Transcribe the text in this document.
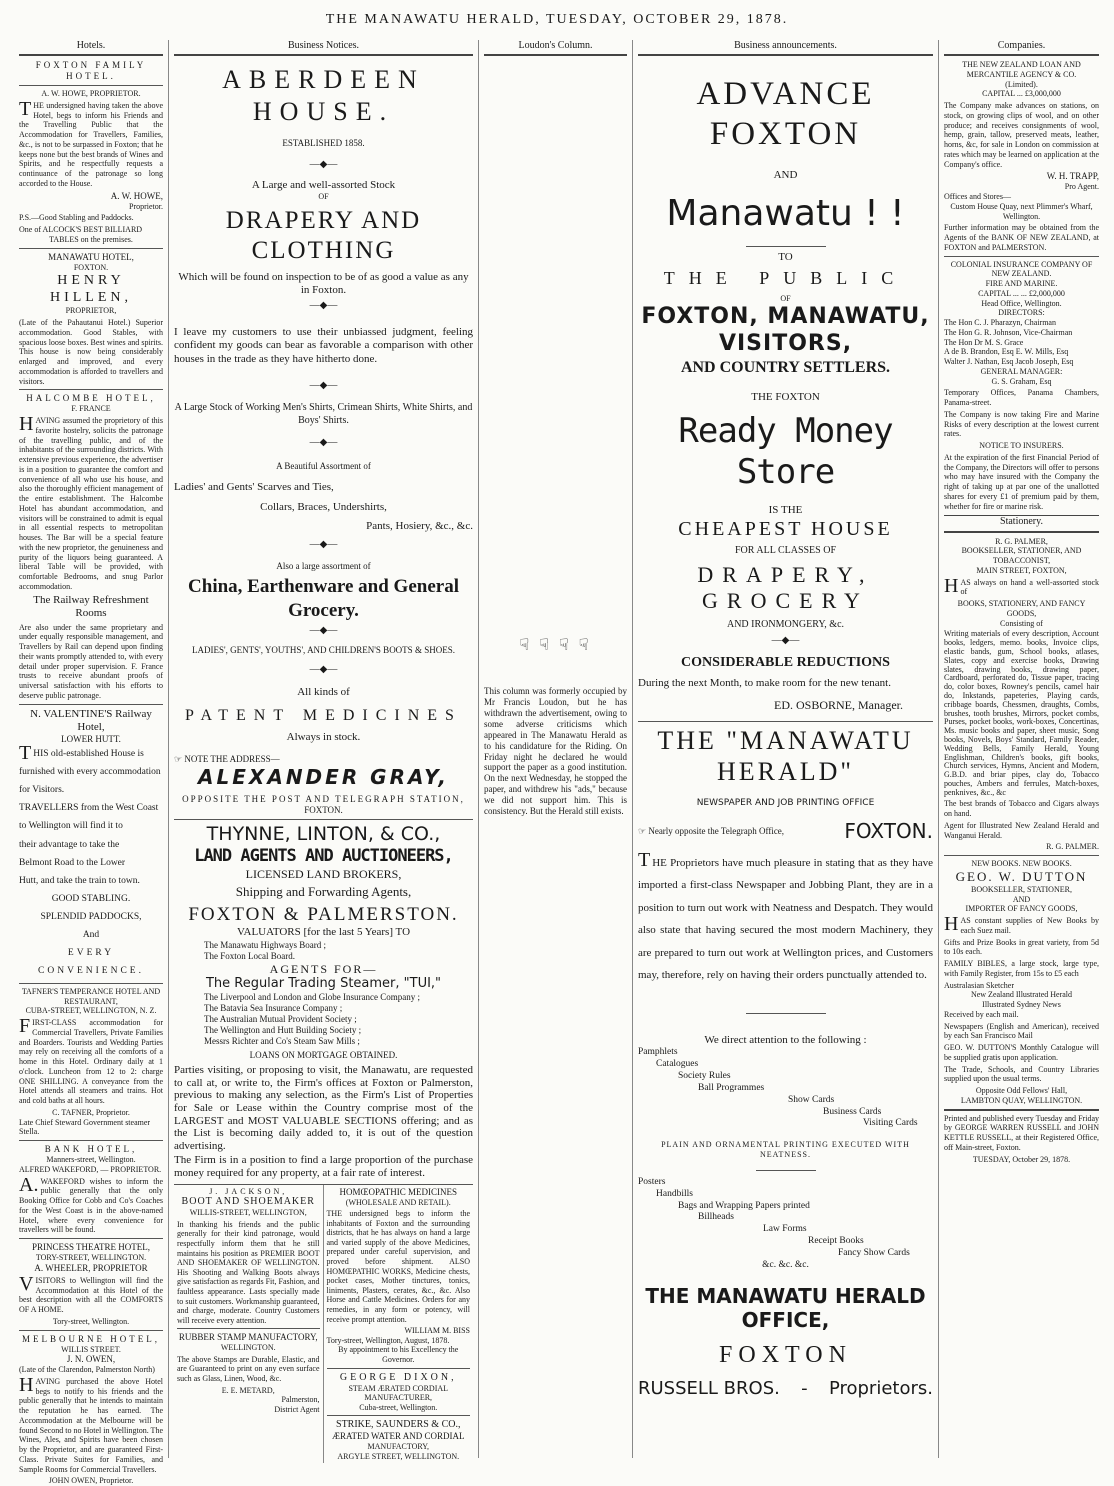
THE MANAWATU HERALD, TUESDAY, OCTOBER 29, 1878.
Hotels.
FOXTON FAMILY HOTEL.
A. W. HOWE, PROPRIETOR.

THE undersigned having taken the above Hotel, begs to inform his Friends and the Travelling Public that the Accommodation for Travellers, Families, &c., is not to be surpassed in Foxton; that he keeps none but the best brands of Wines and Spirits, and he respectfully requests a continuance of the patronage so long accorded to the House.

A. W. HOWE,
Proprietor.

P.S.—Good Stabling and Paddocks.

One of ALCOCK'S BEST BILLIARD
TABLES on the premises.
MANAWATU HOTEL,
FOXTON.
HENRY HILLEN,
PROPRIETOR,

(Late of the Pahautanui Hotel.) Superior accommodation. Good Stables, with spacious loose boxes. Best wines and spirits. This house is now being considerably enlarged and improved, and every accommodation is afforded to travellers and visitors.

HALCOMBE HOTEL,
F. FRANCE

HAVING assumed the proprietory of this favorite hostelry, solicits the patronage of the travelling public, and of the inhabitants of the surrounding districts. With extensive previous experience, the advertiser is in a position to guarantee the comfort and convenience of all who use his house, and also the thoroughly efficient management of the entire establishment. The Halcombe Hotel has abundant accommodation, and visitors will be constrained to admit is equal in all essential respects to metropolitan houses. The Bar will be a special feature with the new proprietor, the genuineness and purity of the liquors being guaranteed. A liberal Table will be provided, with comfortable Bedrooms, and snug Parlor accommodation.

The Railway Refreshment Rooms

Are also under the same proprietary and under equally responsible management, and Travellers by Rail can depend upon finding their wants promptly attended to, with every detail under proper supervision. F. France trusts to receive abundant proofs of universal satisfaction with his efforts to deserve public patronage.

N. VALENTINE'S Railway Hotel,
LOWER HUTT.
THIS old-established House is
furnished with every accommodation
for Visitors.
TRAVELLERS from the West Coast
to Wellington will find it to
their advantage to take the
Belmont Road to the Lower
Hutt, and take the train to town.
GOOD STABLING.
SPLENDID PADDOCKS,
And
EVERY CONVENIENCE.
TAFNER'S TEMPERANCE HOTEL AND RESTAURANT,
CUBA-STREET, WELLINGTON, N. Z.

FIRST-CLASS accommodation for Commercial Travellers, Private Families and Boarders. Tourists and Wedding Parties may rely on receiving all the comforts of a home in this Hotel. Ordinary daily at 1 o'clock. Luncheon from 12 to 2: charge ONE SHILLING. A conveyance from the Hotel attends all steamers and trains. Hot and cold baths at all hours.

C. TAFNER, Proprietor.
Late Chief Steward Government steamer Stella.
BANK HOTEL,
Manners-street, Wellington.
ALFRED WAKEFORD, — PROPRIETOR.

A.WAKEFORD wishes to inform the public generally that the only Booking Office for Cobb and Co's Coaches for the West Coast is in the above-named Hotel, where every convenience for travellers will be found.

PRINCESS THEATRE HOTEL,
TORY-STREET, WELLINGTON.
A. WHEELER, PROPRIETOR

VISITORS to Wellington will find the Accommodation at this Hotel of the best description with all the COMFORTS OF A HOME.

Tory-street, Wellington.
MELBOURNE HOTEL,
WILLIS STREET.
J. N. OWEN,
(Late of the Clarendon, Palmerston North)

HAVING purchased the above Hotel begs to notify to his friends and the public generally that he intends to maintain the reputation he has earned. The Accommodation at the Melbourne will be found Second to no Hotel in Wellington. The Wines, Ales, and Spirits have been chosen by the Proprietor, and are guaranteed First-Class. Private Suites for Families, and Sample Rooms for Commercial Travellers.

JOHN OWEN, Proprietor.
Business Notices.
ABERDEEN HOUSE.
ESTABLISHED 1858.
—◆—
A Large and well-assorted Stock
OF
DRAPERY AND CLOTHING
Which will be found on inspection to be of as good a value as any in Foxton.
—◆—

I leave my customers to use their unbiassed judgment, feeling confident my goods can bear as favorable a comparison with other houses in the trade as they have hitherto done.

—◆—
A Large Stock of Working Men's Shirts, Crimean Shirts, White Shirts, and Boys' Shirts.
—◆—
A Beautiful Assortment of
Ladies' and Gents' Scarves and Ties,
Collars, Braces, Undershirts,
Pants, Hosiery, &c., &c.
—◆—
Also a large assortment of
China, Earthenware and General Grocery.
—◆—
LADIES', GENTS', YOUTHS', AND CHILDREN'S BOOTS & SHOES.
—◆—
All kinds of
PATENT MEDICINES
Always in stock.
☞ NOTE THE ADDRESS—
ALEXANDER GRAY,
OPPOSITE THE POST AND TELEGRAPH STATION,
FOXTON.
THYNNE, LINTON, & CO.,
LAND AGENTS AND AUCTIONEERS,
LICENSED LAND BROKERS,
Shipping and Forwarding Agents,
FOXTON & PALMERSTON.
VALUATORS [for the last 5 Years] TO
The Manawatu Highways Board ;
The Foxton Local Board.
AGENTS FOR—
The Regular Trading Steamer, "TUI,"
The Liverpool and London and Globe Insurance Company ;
The Batavia Sea Insurance Company ;
The Australian Mutual Provident Society ;
The Wellington and Hutt Building Society ;
Messrs Richter and Co's Steam Saw Mills ;
LOANS ON MORTGAGE OBTAINED.

Parties visiting, or proposing to visit, the Manawatu, are requested to call at, or write to, the Firm's offices at Foxton or Palmerston, previous to making any selection, as the Firm's List of Properties for Sale or Lease within the Country comprise most of the LARGEST and MOST VALUABLE SECTIONS offering; and as the List is becoming daily added to, it is out of the question advertising.

The Firm is in a position to find a large proportion of the purchase money required for any property, at a fair rate of interest.

J. JACKSON,
BOOT AND SHOEMAKER
WILLIS-STREET, WELLINGTON,

In thanking his friends and the public generally for their kind patronage, would respectfully inform them that he still maintains his position as PREMIER BOOT AND SHOEMAKER OF WELLINGTON. His Shooting and Walking Boots always give satisfaction as regards Fit, Fashion, and faultless appearance. Lasts specially made to suit customers. Workmanship guaranteed, and charge, moderate. Country Customers will receive every attention.

RUBBER STAMP MANUFACTORY,
WELLINGTON.

The above Stamps are Durable, Elastic, and are Guaranteed to print on any even surface such as Glass, Linen, Wood, &c.

E. E. METARD,
Palmerston,
District Agent
HOMŒOPATHIC MEDICINES
(WHOLESALE AND RETAIL).

THE undersigned begs to inform the inhabitants of Foxton and the surrounding districts, that he has always on hand a large and varied supply of the above Medicines, prepared under careful supervision, and proved before shipment. ALSO HOMŒPATHIC WORKS, Medicine chests, pocket cases, Mother tinctures, tonics, liniments, Plasters, cerates, &c., &c. Also Horse and Cattle Medicines. Orders for any remedies, in any form or potency, will receive prompt attention.

WILLIAM M. BISS
Tory-street, Wellington, August, 1878.
By appointment to his Excellency the Governor.
GEORGE DIXON,
STEAM ÆRATED CORDIAL MANUFACTURER,
Cuba-street, Wellington.
STRIKE, SAUNDERS & CO.,
ÆRATED WATER AND CORDIAL
MANUFACTORY,
ARGYLE STREET, WELLINGTON.
Loudon's Column.
☟ ☟ ☟ ☟

This column was formerly occupied by Mr Francis Loudon, but he has withdrawn the advertisement, owing to some adverse criticisms which appeared in The Manawatu Herald as to his candidature for the Riding. On Friday night he declared he would support the paper as a good institution. On the next Wednesday, he stopped the paper, and withdrew his "ads," because we did not support him. This is consistency. But the Herald still exists.

Business announcements.
ADVANCE FOXTON
AND
Manawatu ! !
TO
THE PUBLIC
OF
FOXTON, MANAWATU, VISITORS,
AND COUNTRY SETTLERS.
THE FOXTON
Ready Money Store
IS THE
CHEAPEST HOUSE
FOR ALL CLASSES OF
DRAPERY, GROCERY
AND IRONMONGERY, &c.
—◆—
CONSIDERABLE REDUCTIONS
During the next Month, to make room for the new tenant.
ED. OSBORNE, Manager.
THE "MANAWATU HERALD"
NEWSPAPER AND JOB PRINTING OFFICE
☞ Nearly opposite the Telegraph Office,	FOXTON.
THE Proprietors have much pleasure in stating that as they have imported a first-class Newspaper and Jobbing Plant, they are in a position to turn out work with Neatness and Despatch. They would also state that having secured the most modern Machinery, they are prepared to turn out work at Wellington prices, and Customers may, therefore, rely on having their orders punctually attended to.
We direct attention to the following :
Pamphlets
Catalogues
Society Rules
Ball Programmes
Show Cards
Business Cards
Visiting Cards
PLAIN AND ORNAMENTAL PRINTING EXECUTED WITH NEATNESS.
Posters
Handbills
Bags and Wrapping Papers printed
Billheads
Law Forms
Receipt Books
Fancy Show Cards
&c. &c. &c.
THE MANAWATU HERALD OFFICE,
FOXTON
RUSSELL BROS. - Proprietors.
Companies.
THE NEW ZEALAND LOAN AND MERCANTILE AGENCY & CO.
(Limited).
CAPITAL ... £3,000,000

The Company make advances on stations, on stock, on growing clips of wool, and on other produce; and receives consignments of wool, hemp, grain, tallow, preserved meats, leather, horns, &c, for sale in London on commission at rates which may be learned on application at the Company's office.

W. H. TRAPP,
Pro Agent.
Offices and Stores—
Custom House Quay, next Plimmer's Wharf, Wellington.

Further information may be obtained from the Agents of the BANK OF NEW ZEALAND, at FOXTON and PALMERSTON.

COLONIAL INSURANCE COMPANY OF NEW ZEALAND.
FIRE AND MARINE.
CAPITAL ... ... £2,000,000
Head Office, Wellington.
DIRECTORS:
The Hon C. J. Pharazyn, Chairman
The Hon G. R. Johnson, Vice-Chairman
The Hon Dr M. S. Grace
A de B. Brandon, Esq E. W. Mills, Esq
Walter J. Nathan, Esq Jacob Joseph, Esq
GENERAL MANAGER:
G. S. Graham, Esq

Temporary Offices, Panama Chambers, Panama-street.

The Company is now taking Fire and Marine Risks of every description at the lowest current rates.

NOTICE TO INSURERS.

At the expiration of the first Financial Period of the Company, the Directors will offer to persons who may have insured with the Company the right of taking up at par one of the unallotted shares for every £1 of premium paid by them, whether for fire or marine risk.

Stationery.
R. G. PALMER,
BOOKSELLER, STATIONER, AND TOBACCONIST,
MAIN STREET, FOXTON,

HAS always on hand a well-assorted stock of

BOOKS, STATIONERY, AND FANCY GOODS,
Consisting of

Writing materials of every description, Account books, ledgers, memo. books, Invoice clips, elastic bands, gum, School books, atlases, Slates, copy and exercise books, Drawing slates, drawing books, drawing paper, Cardboard, perforated do, Tissue paper, tracing do, color boxes, Rowney's pencils, camel hair do, Inkstands, papeteries, Playing cards, cribbage boards, Chessmen, draughts, Combs, brushes, tooth brushes, Mirrors, pocket combs, Purses, pocket books, work-boxes, Concertinas, Ms. music books and paper, sheet music, Song books, Novels, Boys' Standard, Family Reader, Wedding Bells, Family Herald, Young Englishman, Children's books, gift books, Church services, Hymns, Ancient and Modern, G.B.D. and briar pipes, clay do, Tobacco pouches, Ambers and ferrules, Match-boxes, penknives, &c., &c

The best brands of Tobacco and Cigars always on hand.

Agent for Illustrated New Zealand Herald and Wanganui Herald.

R. G. PALMER.
NEW BOOKS. NEW BOOKS.
GEO. W. DUTTON
BOOKSELLER, STATIONER,
AND
IMPORTER OF FANCY GOODS,

HAS constant supplies of New Books by each Suez mail.

Gifts and Prize Books in great variety, from 5d to 10s each.

FAMILY BIBLES, a large stock, large type, with Family Register, from 15s to £5 each

Australasian Sketcher
New Zealand Illustrated Herald
Illustrated Sydney News
Received by each mail.

Newspapers (English and American), received by each San Francisco Mail

GEO. W. DUTTON'S Monthly Catalogue will be supplied gratis upon application.

The Trade, Schools, and Country Libraries supplied upon the usual terms.

Opposite Odd Fellows' Hall,
LAMBTON QUAY, WELLINGTON.

Printed and published every Tuesday and Friday by GEORGE WARREN RUSSELL and JOHN KETTLE RUSSELL, at their Registered Office, off Main-street, Foxton.

TUESDAY, October 29, 1878.
